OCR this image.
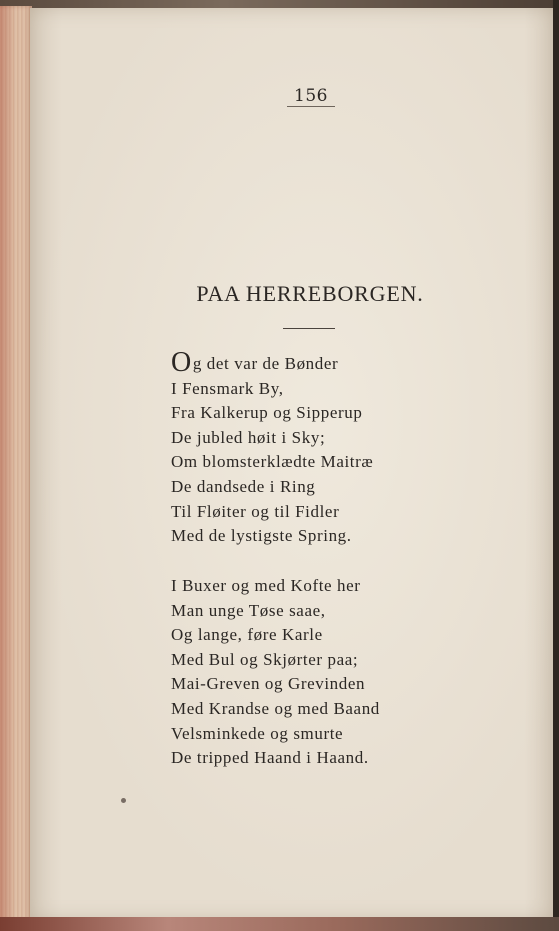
156
PAA HERREBORGEN.
Og det var de Bønder
I Fensmark By,
Fra Kalkerup og Sipperup
De jubled høit i Sky;
Om blomsterklædte Maitræ
De dandsede i Ring
Til Fløiter og til Fidler
Med de lystigste Spring.
I Buxer og med Kofte her
Man unge Tøse saae,
Og lange, føre Karle
Med Bul og Skjørter paa;
Mai-Greven og Grevinden
Med Krandse og med Baand
Velsminkede og smurte
De tripped Haand i Haand.
